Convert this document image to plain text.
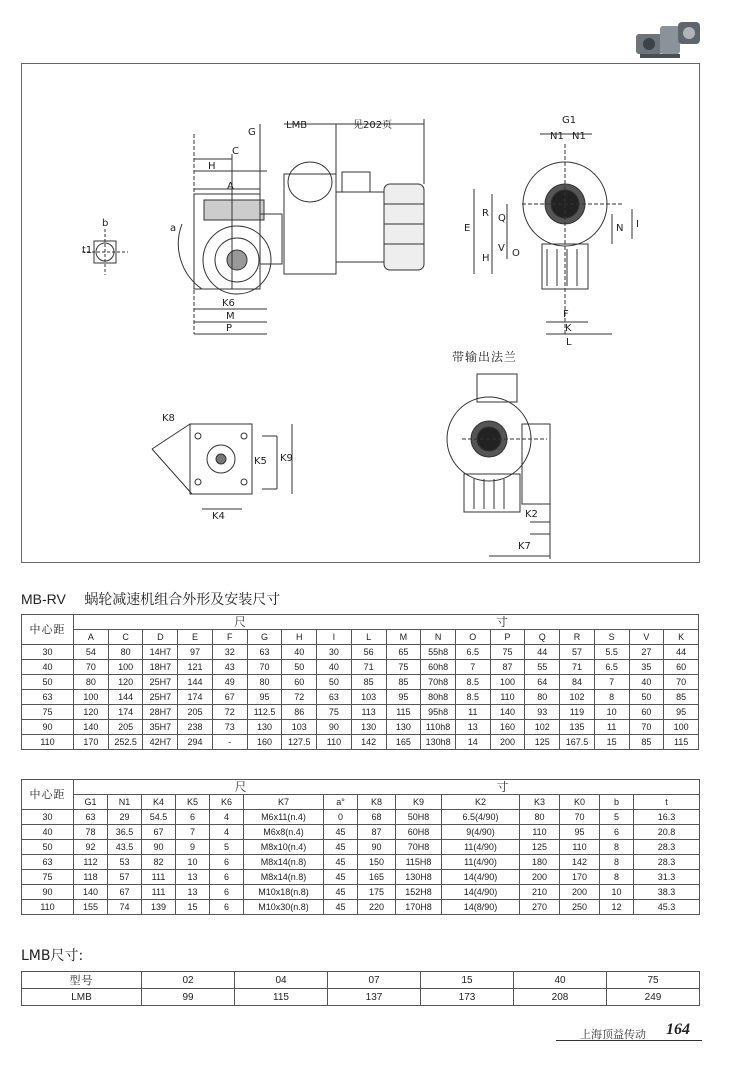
G
LMB	见202页
C
H
A
b
t1
a
K6
M
P
G1
N1 N1
E
R Q
H
V O
N I
F
K
L
带输出法兰
K8
K5 K9
K4	K2
K7
MB-RV 蜗轮减速机组合外形及安装尺寸
中心距	尺 寸																	
	A	C	D	E	F	G	H	I	L	M	N	O	P	Q	R	S	V	K
30	54	80	14H7	97	32	63	40	30	56	65	55h8	6.5	75	44	57	5.5	27	44
40	70	100	18H7	121	43	70	50	40	71	75	60h8	7	87	55	71	6.5	35	60
50	80	120	25H7	144	49	80	60	50	85	85	70h8	8.5	100	64	84	7	40	70
63	100	144	25H7	174	67	95	72	63	103	95	80h8	8.5	110	80	102	8	50	85
75	120	174	28H7	205	72	112.5	86	75	113	115	95h8	11	140	93	119	10	60	95
90	140	205	35H7	238	73	130	103	90	130	130	110h8	13	160	102	135	11	70	100
110	170	252.5	42H7	294	-	160	127.5	110	142	165	130h8	14	200	125	167.5	15	85	115
中心距	尺 寸													
	G1	N1	K4	K5	K6	K7	a°	K8	K9	K2	K3	K0	b	t
30	63	29	54.5	6	4	M6x11(n.4)	0	68	50H8	6.5(4/90)	80	70	5	16.3
40	78	36.5	67	7	4	M6x8(n.4)	45	87	60H8	9(4/90)	110	95	6	20.8
50	92	43.5	90	9	5	M8x10(n.4)	45	90	70H8	11(4/90)	125	110	8	28.3
63	112	53	82	10	6	M8x14(n.8)	45	150	115H8	11(4/90)	180	142	8	28.3
75	118	57	111	13	6	M8x14(n.8)	45	165	130H8	14(4/90)	200	170	8	31.3
90	140	67	111	13	6	M10x18(n.8)	45	175	152H8	14(4/90)	210	200	10	38.3
110	155	74	139	15	6	M10x30(n.8)	45	220	170H8	14(8/90)	270	250	12	45.3
LMB尺寸:
型号	02	04	07	15	40	75
LMB	99	115	137	173	208	249
上海顶益传动 164
